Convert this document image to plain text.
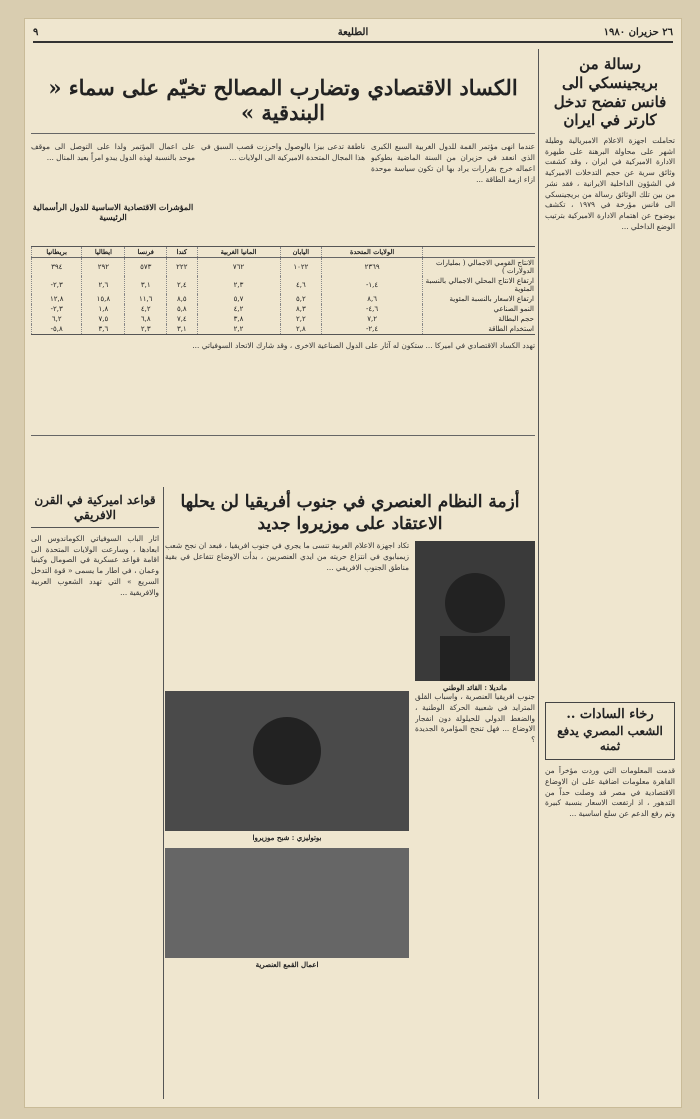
٢٦ حزيران ١٩٨٠
الطليعة
٩
رسالة من بريجينسكي الى فانس تفضح تدخل كارتر في ايران
تحاملت اجهزة الاعلام الامبريالية وطيلة اشهر على محاولة البرهنة على طيهرة الادارة الاميركية في ايران ، وقد كشفت وثائق سرية عن حجم التدخلات الاميركية في الشؤون الداخلية الايرانية ، فقد نشر من بين تلك الوثائق رسالة من بريجينسكي الى فانس مؤرخة في ١٩٧٩ ، تكشف بوضوح عن اهتمام الادارة الاميركية بترتيب الوضع الداخلي ...
رخاء السادات ..
الشعب المصري يدفع ثمنه
قدمت المعلومات التي وردت مؤخراً من القاهرة معلومات اضافية على ان الاوضاع الاقتصادية في مصر قد وصلت حداً من التدهور ، اذ ارتفعت الاسعار بنسبة كبيرة وتم رفع الدعم عن سلع اساسية ...
الكساد الاقتصادي وتضارب المصالح تخيّم على سماء « البندقية »
عندما انهى مؤتمر القمة للدول الغربية السبع الكبرى الذي انعقد في حزيران من السنة الماضية بطوكيو اعماله خرج بقرارات يراد بها ان تكون سياسة موحدة ازاء ازمة الطاقة ...
ناطقة تدعى بيزا بالوصول واحرزت قصب السبق في هذا المجال المتحدة الاميركية الى الولايات ...
على اعمال المؤتمر ولدا على التوصل الى موقف موحد بالنسبة لهذه الدول يبدو امراً بعيد المنال ...
المؤشرات الاقتصادية الاساسية للدول الرأسمالية الرئيسية
	الولايات المتحدة	اليابان	المانيا الغربية	كندا	فرنسا	ايطاليا	بريطانيا
الانتاج القومي الاجمالي ( بمليارات الدولارات )	٢٣٦٩	١٠٢٢	٧٦٢	٢٢٢	٥٧٣	٢٩٢	٣٩٤
ارتفاع الانتاج المحلي الاجمالي بالنسبة المئوية	١,٤-	٤,٦	٢,٣	٢,٤	٣,١	٢,٦	٢,٣-
ارتفاع الاسعار بالنسبة المئوية	٨,٦	٥,٢	٥,٧	٨,٥	١١,٦	١٥,٨	١٢,٨
النمو الصناعي	٤,٦-	٨,٣	٤,٢	٥,٨	٤,٢	١,٨	٢,٣-
حجم البطالة	٧,٢	٢,٢	٣,٨	٧,٤	٦,٨	٧,٥	٦,٢
استخدام الطاقة	٢,٤-	٢,٨	٢,٢	٣,١	٢,٣	٣,٦	٥,٨-
تهدد الكساد الاقتصادي في اميركا ... ستكون له آثار على الدول الصناعية الاخرى ، وقد شارك الاتحاد السوفياتي ...
أزمة النظام العنصري في جنوب أفريقيا لن يحلها الاعتقاد على موزيروا جديد
مانديلا : القائد الوطني
جنوب افريقيا العنصرية ، واسباب القلق المترايد في شعبية الحركة الوطنية ، والضغط الدولي للحيلولة دون انفجار الاوضاع ... فهل تنجح المؤامرة الجديدة ؟
تكاد اجهزة الاعلام الغربية تنسى ما يجري في جنوب افريقيا ، فبعد ان نجح شعب زيمبابوي في انتزاع حريته من ايدي العنصريين ، بدأت الاوضاع تتفاعل في بقية مناطق الجنوب الافريقي ...
بوتوليزي : شبح موزيروا
اعمال القمع العنصرية
قواعد اميركية في القرن الافريقي
اثار الباب السوفياتي الكوماندوس الى ابعادها ، وسارعت الولايات المتحدة الى اقامة قواعد عسكرية في الصومال وكينيا وعمان ، في اطار ما يسمى « قوة التدخل السريع » التي تهدد الشعوب العربية والافريقية ...
